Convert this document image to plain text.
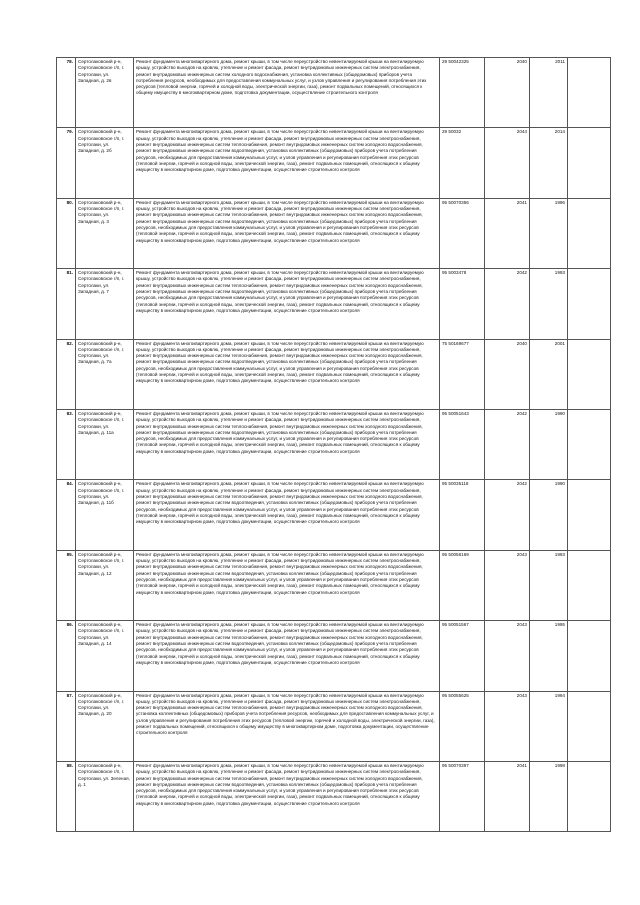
78.	Сертолаковский р-н, Сертолаковское г/п, г. Сертолаки, ул. Западная, д. 2в	Ремонт фундамента многоквартирного дома, ремонт крыши, в том числе переустройство невентилируемой крыши на вентилируемую крышу, устройство выходов на кровлю, утепление и ремонт фасада, ремонт внутридомовых инженерных систем электроснабжения, ремонт внутридомовых инженерных систем холодного водоснабжения, установка коллективных (общедомовых) приборов учета потребления ресурсов, необходимых для предоставления коммунальных услуг, и узлов управления и регулирования потребления этих ресурсов (тепловой энергии, горячей и холодной воды, электрической энергии, газа), ремонт подвальных помещений, относящихся к общему имуществу в многоквартирном доме, подготовка документации, осуществление строительного контроля	29 50042325	2040	2011	
79.	Сертолаковский р-н, Сертолаковское г/п, г. Сертолаки, ул. Западная, д. 2б	Ремонт фундамента многоквартирного дома, ремонт крыши, в том числе переустройство невентилируемой крыши на вентилируемую крышу, устройство выходов на кровлю, утепление и ремонт фасада, ремонт внутридомовых инженерных систем электроснабжения, ремонт внутридомовых инженерных систем теплоснабжения, ремонт внутридомовых инженерных систем холодного водоснабжения, ремонт внутридомовых инженерных систем водоотведения, установка коллективных (общедомовых) приборов учета потребления ресурсов, необходимых для предоставления коммунальных услуг, и узлов управления и регулирования потребления этих ресурсов (тепловой энергии, горячей и холодной воды, электрической энергии, газа), ремонт подвальных помещений, относящихся к общему имуществу в многоквартирном доме, подготовка документации, осуществление строительного контроля	29 50032	2044	2014	
80.	Сертолаковский р-н, Сертолаковское г/п, г. Сертолаки, ул. Западная, д. 3	Ремонт фундамента многоквартирного дома, ремонт крыши, в том числе переустройство невентилируемой крыши на вентилируемую крышу, устройство выходов на кровлю, утепление и ремонт фасада, ремонт внутридомовых инженерных систем электроснабжения, ремонт внутридомовых инженерных систем теплоснабжения, ремонт внутридомовых инженерных систем холодного водоснабжения, ремонт внутридомовых инженерных систем водоотведения, установка коллективных (общедомовых) приборов учета потребления ресурсов, необходимых для предоставления коммунальных услуг, и узлов управления и регулирования потребления этих ресурсов (тепловой энергии, горячей и холодной воды, электрической энергии, газа), ремонт подвальных помещений, относящихся к общему имуществу в многоквартирном доме, подготовка документации, осуществление строительного контроля	95 50070356	2041	1996	
81.	Сертолаковский р-н, Сертолаковское г/п, г. Сертолаки, ул. Западная, д. 7	Ремонт фундамента многоквартирного дома, ремонт крыши, в том числе переустройство невентилируемой крыши на вентилируемую крышу, устройство выходов на кровлю, утепление и ремонт фасада, ремонт внутридомовых инженерных систем электроснабжения, ремонт внутридомовых инженерных систем теплоснабжения, ремонт внутридомовых инженерных систем холодного водоснабжения, ремонт внутридомовых инженерных систем водоотведения, установка коллективных (общедомовых) приборов учета потребления ресурсов, необходимых для предоставления коммунальных услуг, и узлов управления и регулирования потребления этих ресурсов (тепловой энергии, горячей и холодной воды, электрической энергии, газа), ремонт подвальных помещений, относящихся к общему имуществу в многоквартирном доме, подготовка документации, осуществление строительного контроля	95 5003478	2042	1993	
82.	Сертолаковский р-н, Сертолаковское г/п, г. Сертолаки, ул. Западная, д. 7а	Ремонт фундамента многоквартирного дома, ремонт крыши, в том числе переустройство невентилируемой крыши на вентилируемую крышу, устройство выходов на кровлю, утепление и ремонт фасада, ремонт внутридомовых инженерных систем электроснабжения, ремонт внутридомовых инженерных систем теплоснабжения, ремонт внутридомовых инженерных систем холодного водоснабжения, ремонт внутридомовых инженерных систем водоотведения, установка коллективных (общедомовых) приборов учета потребления ресурсов, необходимых для предоставления коммунальных услуг, и узлов управления и регулирования потребления этих ресурсов (тепловой энергии, горячей и холодной воды, электрической энергии, газа), ремонт подвальных помещений, относящихся к общему имуществу в многоквартирном доме, подготовка документации, осуществление строительного контроля	75 50169677	2040	2001	
83.	Сертолаковский р-н, Сертолаковское г/п, г. Сертолаки, ул. Западная, д. 11а	Ремонт фундамента многоквартирного дома, ремонт крыши, в том числе переустройство невентилируемой крыши на вентилируемую крышу, устройство выходов на кровлю, утепление и ремонт фасада, ремонт внутридомовых инженерных систем электроснабжения, ремонт внутридомовых инженерных систем теплоснабжения, ремонт внутридомовых инженерных систем холодного водоснабжения, ремонт внутридомовых инженерных систем водоотведения, установка коллективных (общедомовых) приборов учета потребления ресурсов, необходимых для предоставления коммунальных услуг, и узлов управления и регулирования потребления этих ресурсов (тепловой энергии, горячей и холодной воды, электрической энергии, газа), ремонт подвальных помещений, относящихся к общему имуществу в многоквартирном доме, подготовка документации, осуществление строительного контроля	95 50051643	2042	1990	
84.	Сертолаковский р-н, Сертолаковское г/п, г. Сертолаки, ул. Западная, д. 11б	Ремонт фундамента многоквартирного дома, ремонт крыши, в том числе переустройство невентилируемой крыши на вентилируемую крышу, устройство выходов на кровлю, утепление и ремонт фасада, ремонт внутридомовых инженерных систем электроснабжения, ремонт внутридомовых инженерных систем теплоснабжения, ремонт внутридомовых инженерных систем холодного водоснабжения, ремонт внутридомовых инженерных систем водоотведения, установка коллективных (общедомовых) приборов учета потребления ресурсов, необходимых для предоставления коммунальных услуг, и узлов управления и регулирования потребления этих ресурсов (тепловой энергии, горячей и холодной воды, электрической энергии, газа), ремонт подвальных помещений, относящихся к общему имуществу в многоквартирном доме, подготовка документации, осуществление строительного контроля	95 50035118	2042	1990	
85.	Сертолаковский р-н, Сертолаковское г/п, г. Сертолаки, ул. Западная, д. 12	Ремонт фундамента многоквартирного дома, ремонт крыши, в том числе переустройство невентилируемой крыши на вентилируемую крышу, устройство выходов на кровлю, утепление и ремонт фасада, ремонт внутридомовых инженерных систем электроснабжения, ремонт внутридомовых инженерных систем теплоснабжения, ремонт внутридомовых инженерных систем холодного водоснабжения, ремонт внутридомовых инженерных систем водоотведения, установка коллективных (общедомовых) приборов учета потребления ресурсов, необходимых для предоставления коммунальных услуг, и узлов управления и регулирования потребления этих ресурсов (тепловой энергии, горячей и холодной воды, электрической энергии, газа), ремонт подвальных помещений, относящихся к общему имуществу в многоквартирном доме, подготовка документации, осуществление строительного контроля	95 50056169	2043	1993	
86.	Сертолаковский р-н, Сертолаковское г/п, г. Сертолаки, ул. Западная, д. 14	Ремонт фундамента многоквартирного дома, ремонт крыши, в том числе переустройство невентилируемой крыши на вентилируемую крышу, устройство выходов на кровлю, утепление и ремонт фасада, ремонт внутридомовых инженерных систем электроснабжения, ремонт внутридомовых инженерных систем теплоснабжения, ремонт внутридомовых инженерных систем холодного водоснабжения, ремонт внутридомовых инженерных систем водоотведения, установка коллективных (общедомовых) приборов учета потребления ресурсов, необходимых для предоставления коммунальных услуг, и узлов управления и регулирования потребления этих ресурсов (тепловой энергии, горячей и холодной воды, электрической энергии, газа), ремонт подвальных помещений, относящихся к общему имуществу в многоквартирном доме, подготовка документации, осуществление строительного контроля	95 50051567	2043	1995	
87.	Сертолаковский р-н, Сертолаковское г/п, г. Сертолаки, ул. Западная, д. 20	Ремонт фундамента многоквартирного дома, ремонт крыши, в том числе переустройство невентилируемой крыши на вентилируемую крышу, устройство выходов на кровлю, утепление и ремонт фасада, ремонт внутридомовых инженерных систем электроснабжения, ремонт внутридомовых инженерных систем теплоснабжения, ремонт внутридомовых инженерных систем холодного водоснабжения, установка коллективных (общедомовых) приборов учета потребления ресурсов, необходимых для предоставления коммунальных услуг, и узлов управления и регулирования потребления этих ресурсов (тепловой энергии, горячей и холодной воды, электрической энергии, газа), ремонт подвальных помещений, относящихся к общему имуществу в многоквартирном доме, подготовка документации, осуществление строительного контроля	95 50055625	2043	1994	
88.	Сертолаковский р-н, Сертолаковское г/п, г. Сертолаки, ул. Зеленая, д. 1	Ремонт фундамента многоквартирного дома, ремонт крыши, в том числе переустройство невентилируемой крыши на вентилируемую крышу, устройство выходов на кровлю, утепление и ремонт фасада, ремонт внутридомовых инженерных систем электроснабжения, ремонт внутридомовых инженерных систем теплоснабжения, ремонт внутридомовых инженерных систем холодного водоснабжения, ремонт внутридомовых инженерных систем водоотведения, установка коллективных (общедомовых) приборов учета потребления ресурсов, необходимых для предоставления коммунальных услуг, и узлов управления и регулирования потребления этих ресурсов (тепловой энергии, горячей и холодной воды, электрической энергии, газа), ремонт подвальных помещений, относящихся к общему имуществу в многоквартирном доме, подготовка документации, осуществление строительного контроля	95 50070397	2041	1998	
